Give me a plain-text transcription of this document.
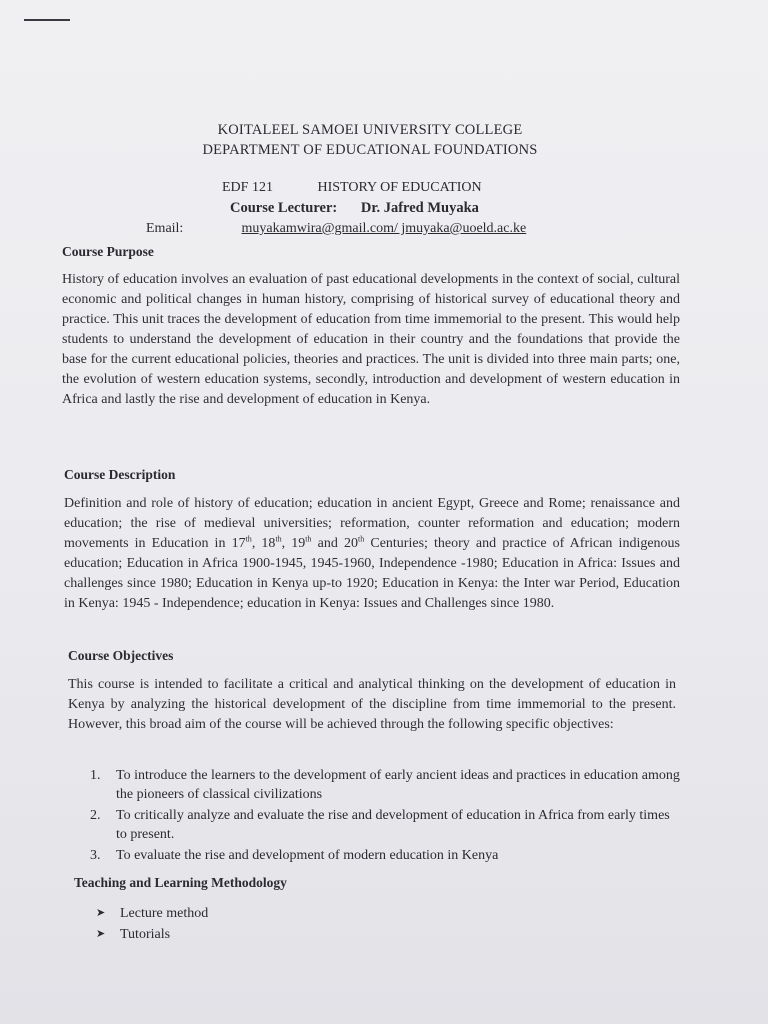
KOITALEEL SAMOEI UNIVERSITY COLLEGE
DEPARTMENT OF EDUCATIONAL FOUNDATIONS
EDF 121	HISTORY OF EDUCATION
Course Lecturer: Dr. Jafred Muyaka
Email:	muyakamwira@gmail.com/ jmuyaka@uoeld.ac.ke
Course Purpose
History of education involves an evaluation of past educational developments in the context of social, cultural economic and political changes in human history, comprising of historical survey of educational theory and practice. This unit traces the development of education from time immemorial to the present. This would help students to understand the development of education in their country and the foundations that provide the base for the current educational policies, theories and practices. The unit is divided into three main parts; one, the evolution of western education systems, secondly, introduction and development of western education in Africa and lastly the rise and development of education in Kenya.
Course Description
Definition and role of history of education; education in ancient Egypt, Greece and Rome; renaissance and education; the rise of medieval universities; reformation, counter reformation and education; modern movements in Education in 17th, 18th, 19th and 20th Centuries; theory and practice of African indigenous education; Education in Africa 1900-1945, 1945-1960, Independence -1980; Education in Africa: Issues and challenges since 1980; Education in Kenya up-to 1920; Education in Kenya: the Inter war Period, Education in Kenya: 1945 - Independence; education in Kenya: Issues and Challenges since 1980.
Course Objectives
This course is intended to facilitate a critical and analytical thinking on the development of education in Kenya by analyzing the historical development of the discipline from time immemorial to the present. However, this broad aim of the course will be achieved through the following specific objectives:
1.	To introduce the learners to the development of early ancient ideas and practices in education among the pioneers of classical civilizations
2.	To critically analyze and evaluate the rise and development of education in Africa from early times to present.
3.	To evaluate the rise and development of modern education in Kenya
Teaching and Learning Methodology
➤	Lecture method
➤	Tutorials
